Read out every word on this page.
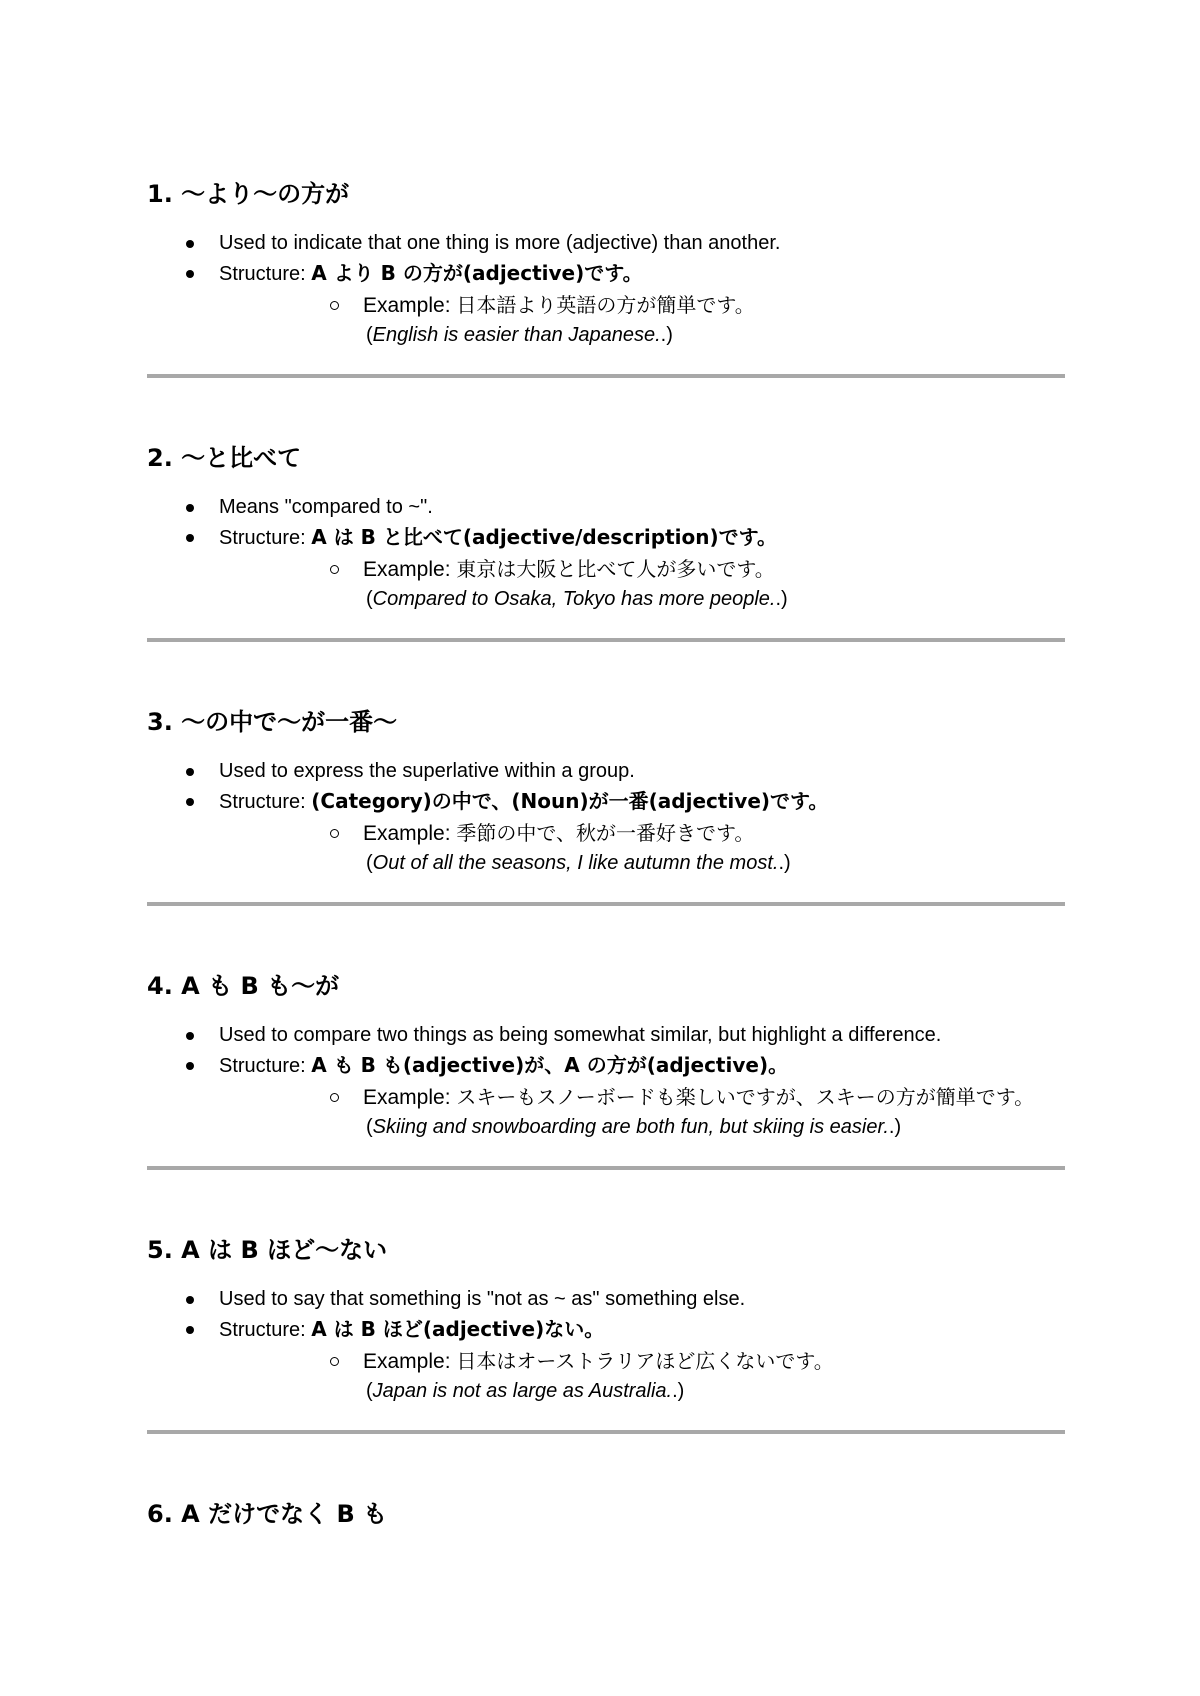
1. ～より～の方が
Used to indicate that one thing is more (adjective) than another.
Structure: A より B の方が(adjective)です。
Example: 日本語より英語の方が簡単です。
(English is easier than Japanese..)
2. ～と比べて
Means "compared to ~".
Structure: A は B と比べて(adjective/description)です。
Example: 東京は大阪と比べて人が多いです。
(Compared to Osaka, Tokyo has more people..)
3. ～の中で～が一番～
Used to express the superlative within a group.
Structure: (Category)の中で、(Noun)が一番(adjective)です。
Example: 季節の中で、秋が一番好きです。
(Out of all the seasons, I like autumn the most..)
4. A も B も～が
Used to compare two things as being somewhat similar, but highlight a difference.
Structure: A も B も(adjective)が、A の方が(adjective)。
Example: スキーもスノーボードも楽しいですが、スキーの方が簡単です。
(Skiing and snowboarding are both fun, but skiing is easier..)
5. A は B ほど～ない
Used to say that something is "not as ~ as" something else.
Structure: A は B ほど(adjective)ない。
Example: 日本はオーストラリアほど広くないです。
(Japan is not as large as Australia..)
6. A だけでなく B も
